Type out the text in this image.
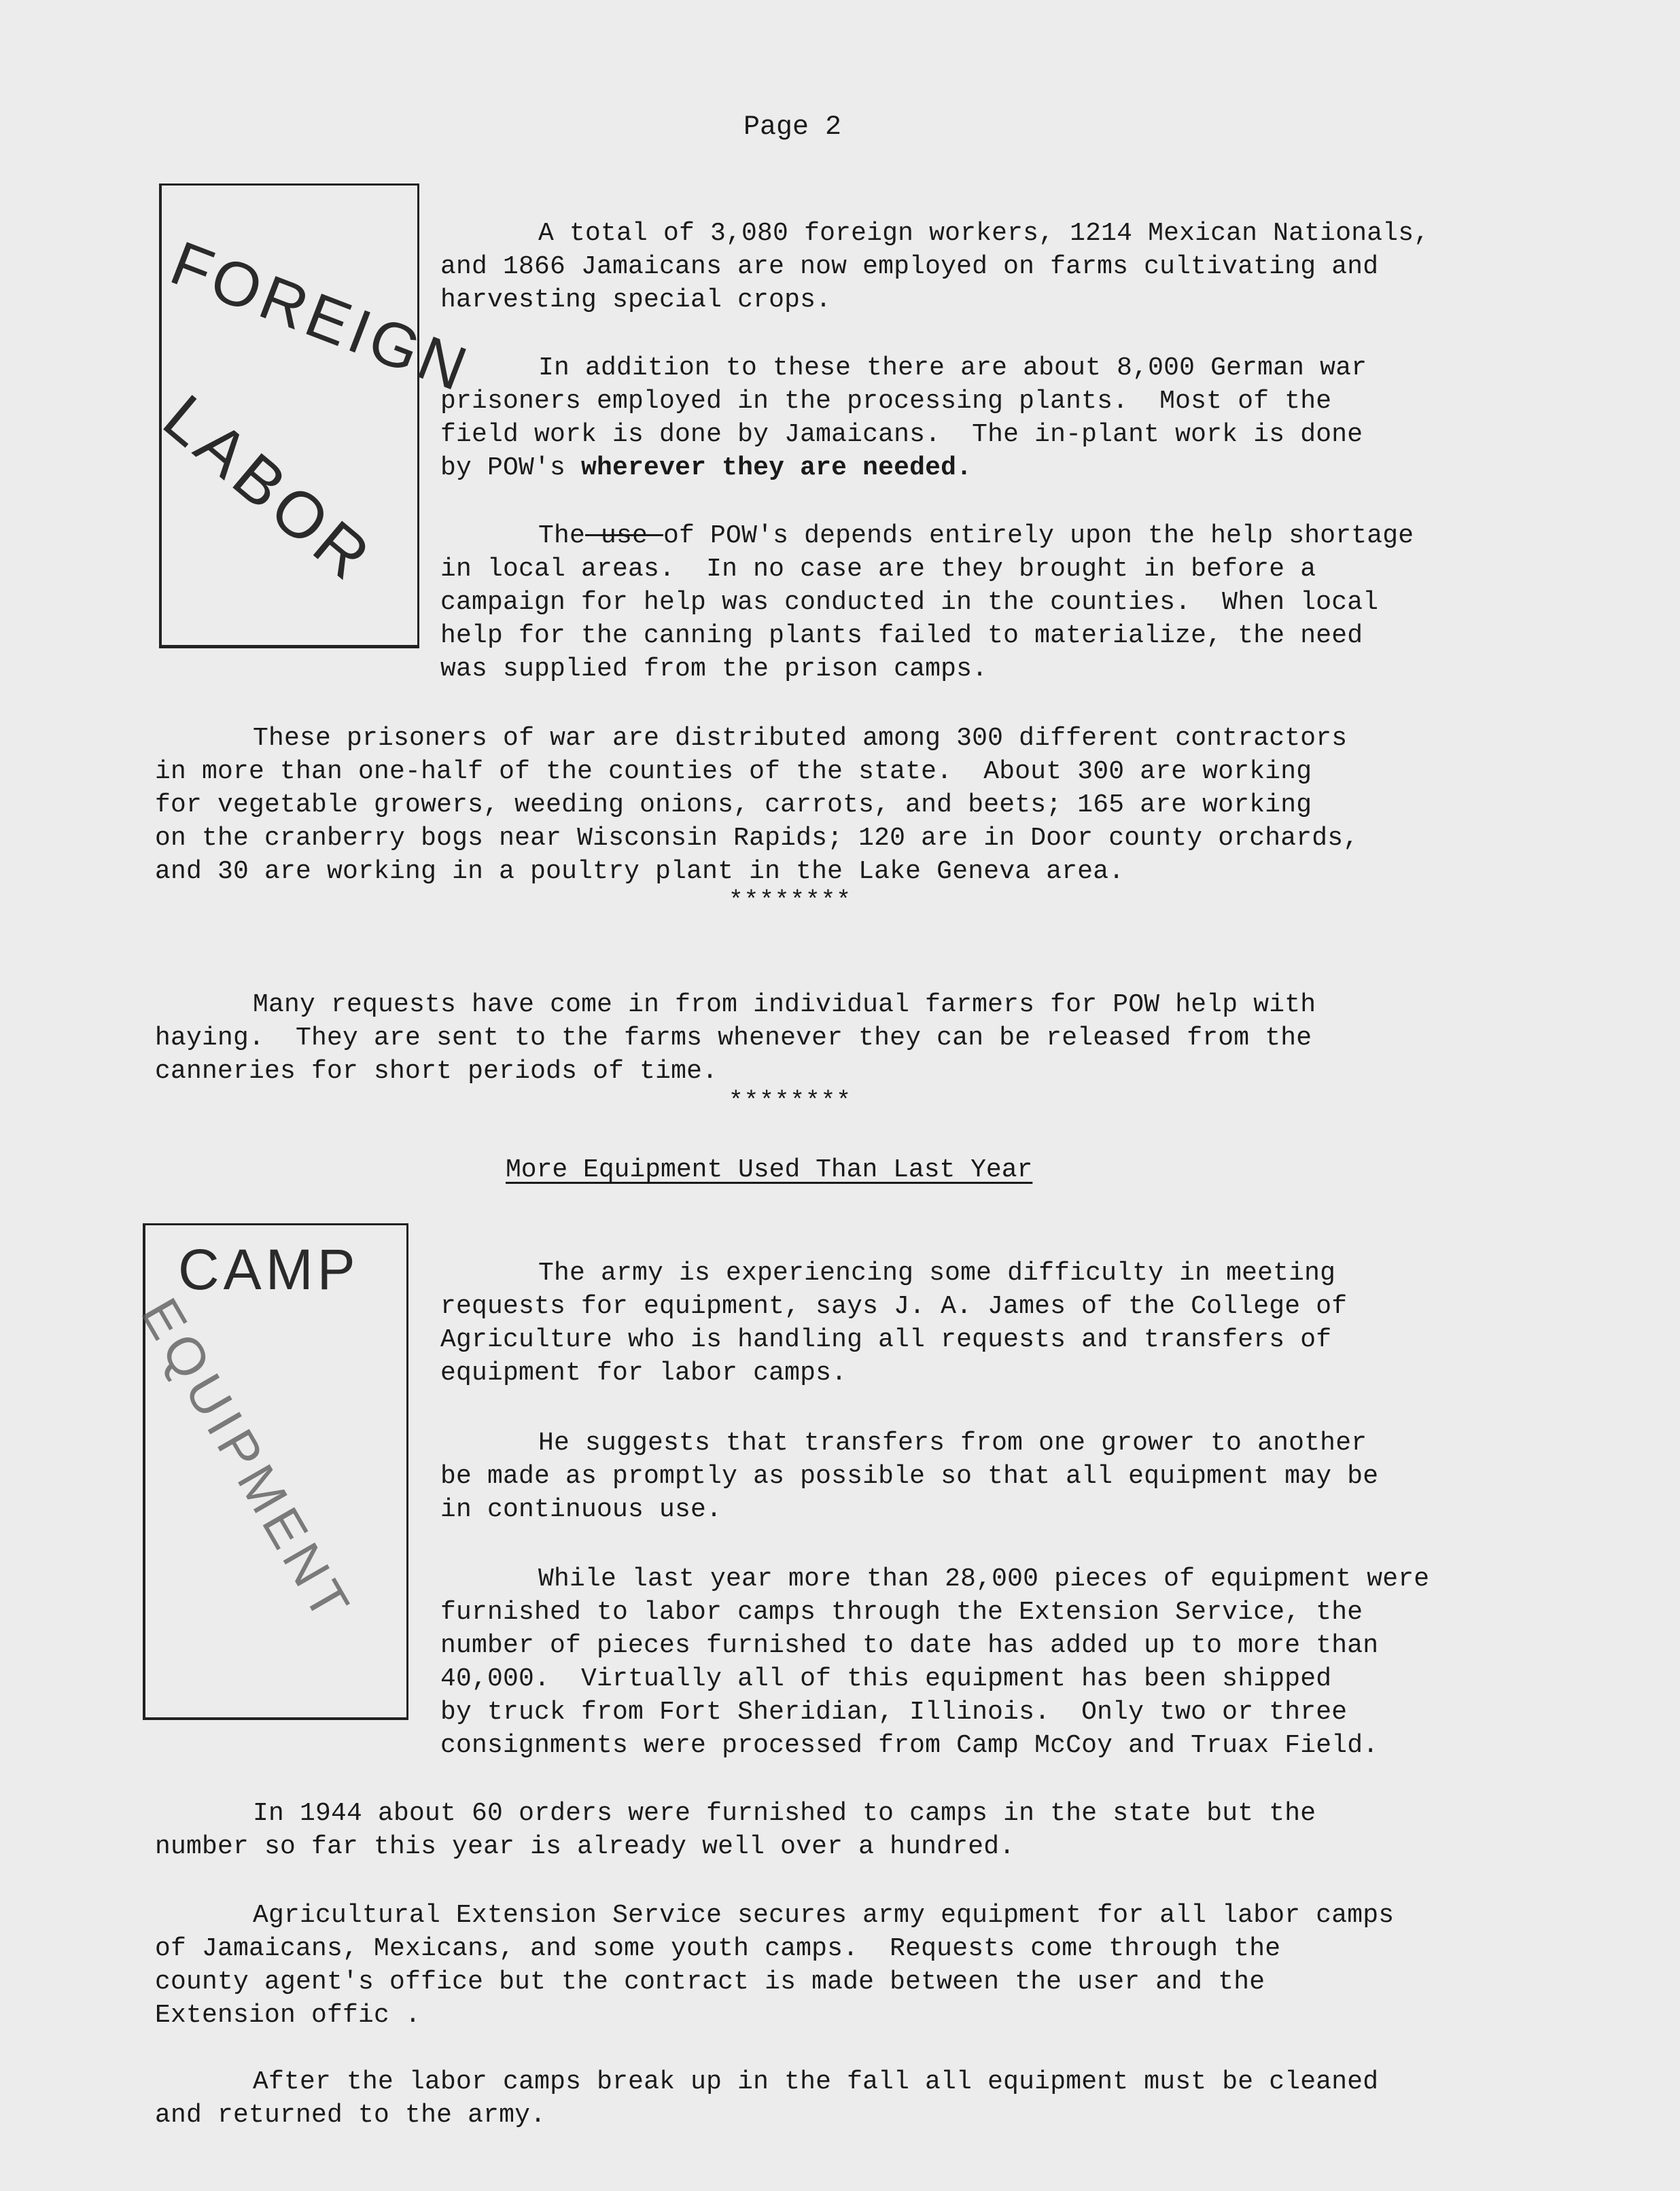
Page 2
FOREIGN
LABOR

A total of 3,080 foreign workers, 1214 Mexican Nationals,
and 1866 Jamaicans are now employed on farms cultivating and
harvesting special crops.

In addition to these there are about 8,000 German war
prisoners employed in the processing plants.  Most of the
field work is done by Jamaicans.  The in-plant work is done
by POW's wherever they are needed.

The use of POW's depends entirely upon the help shortage
in local areas.  In no case are they brought in before a
campaign for help was conducted in the counties.  When local
help for the canning plants failed to materialize, the need
was supplied from the prison camps.

These prisoners of war are distributed among 300 different contractors
in more than one-half of the counties of the state.  About 300 are working
for vegetable growers, weeding onions, carrots, and beets; 165 are working
on the cranberry bogs near Wisconsin Rapids; 120 are in Door county orchards,
and 30 are working in a poultry plant in the Lake Geneva area.
********

Many requests have come in from individual farmers for POW help with
haying.  They are sent to the farms whenever they can be released from the
canneries for short periods of time.
********
More Equipment Used Than Last Year
CAMP
EQUIPMENT

The army is experiencing some difficulty in meeting
requests for equipment, says J. A. James of the College of
Agriculture who is handling all requests and transfers of
equipment for labor camps.

He suggests that transfers from one grower to another
be made as promptly as possible so that all equipment may be
in continuous use.

While last year more than 28,000 pieces of equipment were
furnished to labor camps through the Extension Service, the
number of pieces furnished to date has added up to more than
40,000.  Virtually all of this equipment has been shipped
by truck from Fort Sheridian, Illinois.  Only two or three
consignments were processed from Camp McCoy and Truax Field.

In 1944 about 60 orders were furnished to camps in the state but the
number so far this year is already well over a hundred.

Agricultural Extension Service secures army equipment for all labor camps
of Jamaicans, Mexicans, and some youth camps.  Requests come through the
county agent's office but the contract is made between the user and the
Extension offic .

After the labor camps break up in the fall all equipment must be cleaned
and returned to the army.
